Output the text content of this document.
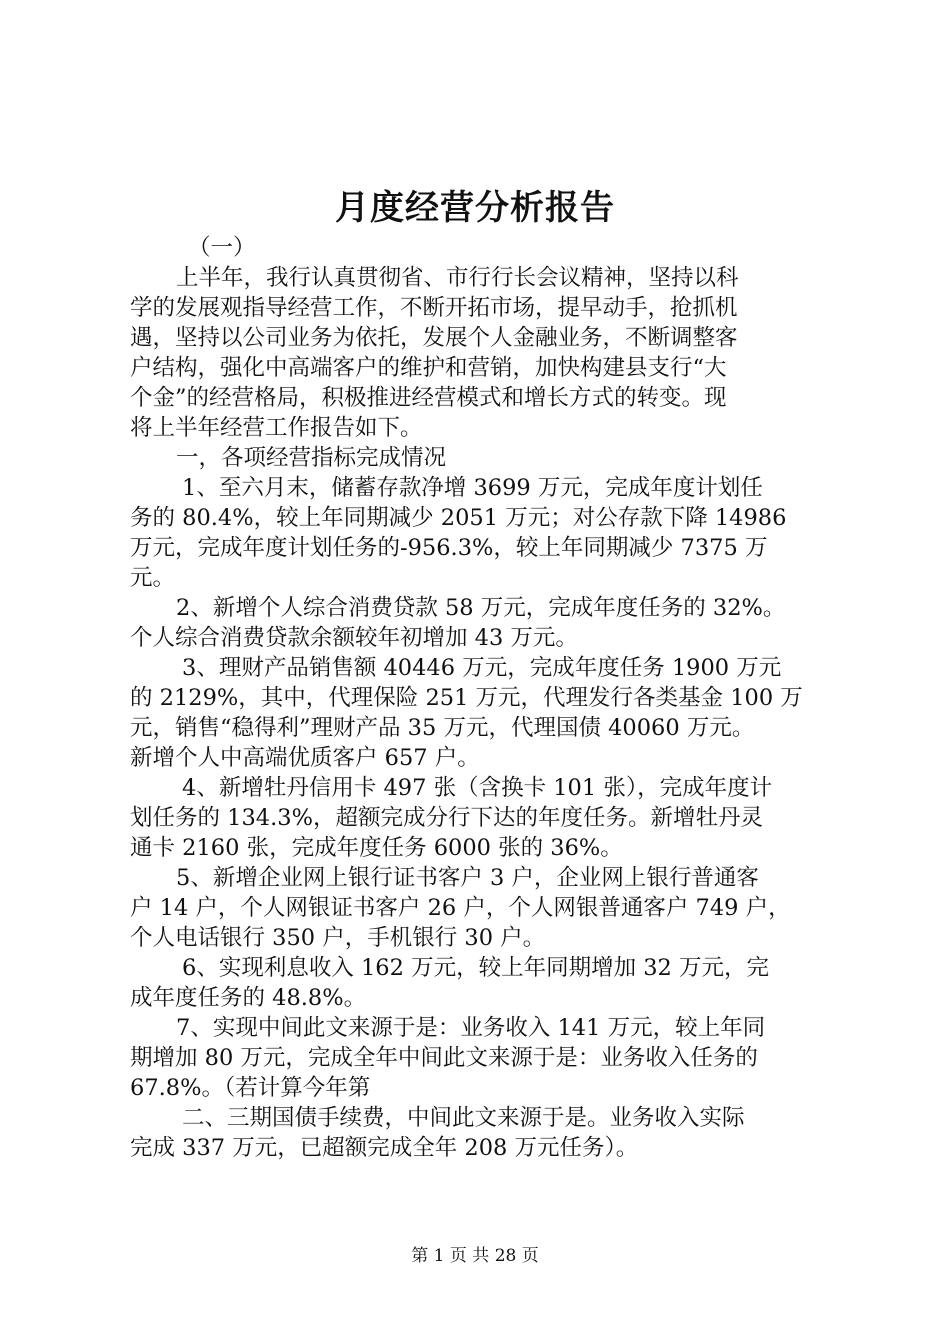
月度经营分析报告
（一）
上半年，我行认真贯彻省、市行行长会议精神，坚持以科
学的发展观指导经营工作，不断开拓市场，提早动手，抢抓机
遇，坚持以公司业务为依托，发展个人金融业务，不断调整客
户结构，强化中高端客户的维护和营销，加快构建县支行“大
个金”的经营格局，积极推进经营模式和增长方式的转变。现
将上半年经营工作报告如下。
一，各项经营指标完成情况
1、至六月末，储蓄存款净增 3699 万元，完成年度计划任
务的 80.4%，较上年同期减少 2051 万元；对公存款下降 14986
万元，完成年度计划任务的-956.3%，较上年同期减少 7375 万
元。
2、新增个人综合消费贷款 58 万元，完成年度任务的 32%。
个人综合消费贷款余额较年初增加 43 万元。
3、理财产品销售额 40446 万元，完成年度任务 1900 万元
的 2129%，其中，代理保险 251 万元，代理发行各类基金 100 万
元，销售“稳得利”理财产品 35 万元，代理国债 40060 万元。
新增个人中高端优质客户 657 户。
4、新增牡丹信用卡 497 张（含换卡 101 张），完成年度计
划任务的 134.3%，超额完成分行下达的年度任务。新增牡丹灵
通卡 2160 张，完成年度任务 6000 张的 36%。
5、新增企业网上银行证书客户 3 户，企业网上银行普通客
户 14 户，个人网银证书客户 26 户，个人网银普通客户 749 户，
个人电话银行 350 户，手机银行 30 户。
6、实现利息收入 162 万元，较上年同期增加 32 万元，完
成年度任务的 48.8%。
7、实现中间此文来源于是：业务收入 141 万元，较上年同
期增加 80 万元，完成全年中间此文来源于是：业务收入任务的
67.8%。（若计算今年第
二、三期国债手续费，中间此文来源于是。业务收入实际
完成 337 万元，已超额完成全年 208 万元任务）。
第 1 页 共 28 页
